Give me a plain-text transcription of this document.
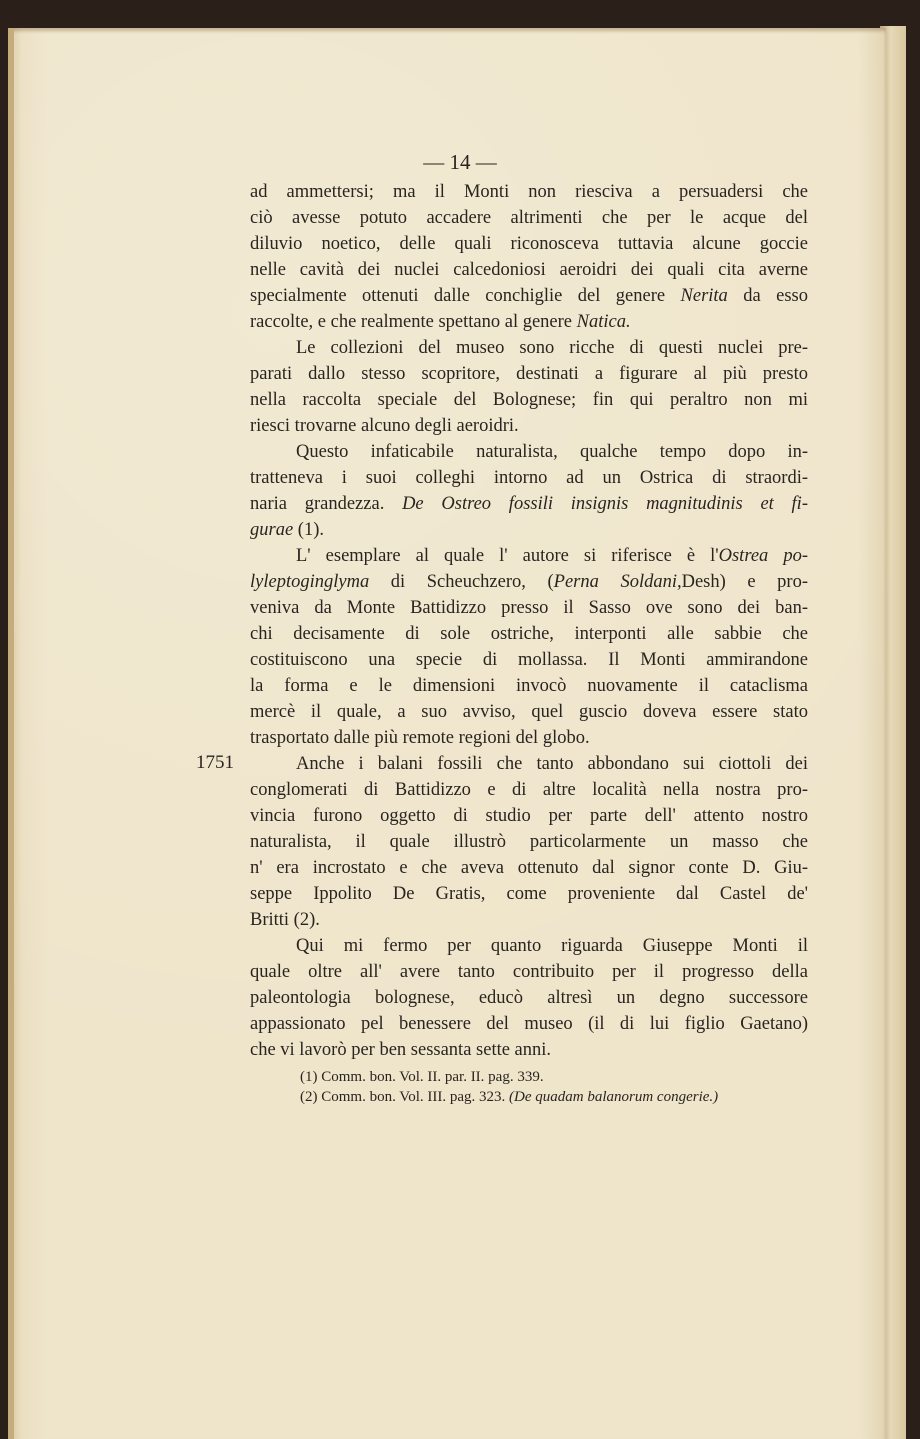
— 14 —
1751
ad ammettersi; ma il Monti non riesciva a persuadersi che
ciò avesse potuto accadere altrimenti che per le acque del
diluvio noetico, delle quali riconosceva tuttavia alcune goccie
nelle cavità dei nuclei calcedoniosi aeroidri dei quali cita averne
specialmente ottenuti dalle conchiglie del genere Nerita da esso
raccolte, e che realmente spettano al genere Natica.
Le collezioni del museo sono ricche di questi nuclei pre-
parati dallo stesso scopritore, destinati a figurare al più presto
nella raccolta speciale del Bolognese; fin qui peraltro non mi
riesci trovarne alcuno degli aeroidri.
Questo infaticabile naturalista, qualche tempo dopo in-
tratteneva i suoi colleghi intorno ad un Ostrica di straordi-
naria grandezza. De Ostreo fossili insignis magnitudinis et fi-
gurae (1).
L' esemplare al quale l' autore si riferisce è l'Ostrea po-
lyleptoginglyma di Scheuchzero, (Perna Soldani,Desh) e pro-
veniva da Monte Battidizzo presso il Sasso ove sono dei ban-
chi decisamente di sole ostriche, interponti alle sabbie che
costituiscono una specie di mollassa. Il Monti ammirandone
la forma e le dimensioni invocò nuovamente il cataclisma
mercè il quale, a suo avviso, quel guscio doveva essere stato
trasportato dalle più remote regioni del globo.
Anche i balani fossili che tanto abbondano sui ciottoli dei
conglomerati di Battidizzo e di altre località nella nostra pro-
vincia furono oggetto di studio per parte dell' attento nostro
naturalista, il quale illustrò particolarmente un masso che
n' era incrostato e che aveva ottenuto dal signor conte D. Giu-
seppe Ippolito De Gratis, come proveniente dal Castel de'
Britti (2).
Qui mi fermo per quanto riguarda Giuseppe Monti il
quale oltre all' avere tanto contribuito per il progresso della
paleontologia bolognese, educò altresì un degno successore
appassionato pel benessere del museo (il di lui figlio Gaetano)
che vi lavorò per ben sessanta sette anni.
(1) Comm. bon. Vol. II. par. II. pag. 339.
(2) Comm. bon. Vol. III. pag. 323. (De quadam balanorum congerie.)
